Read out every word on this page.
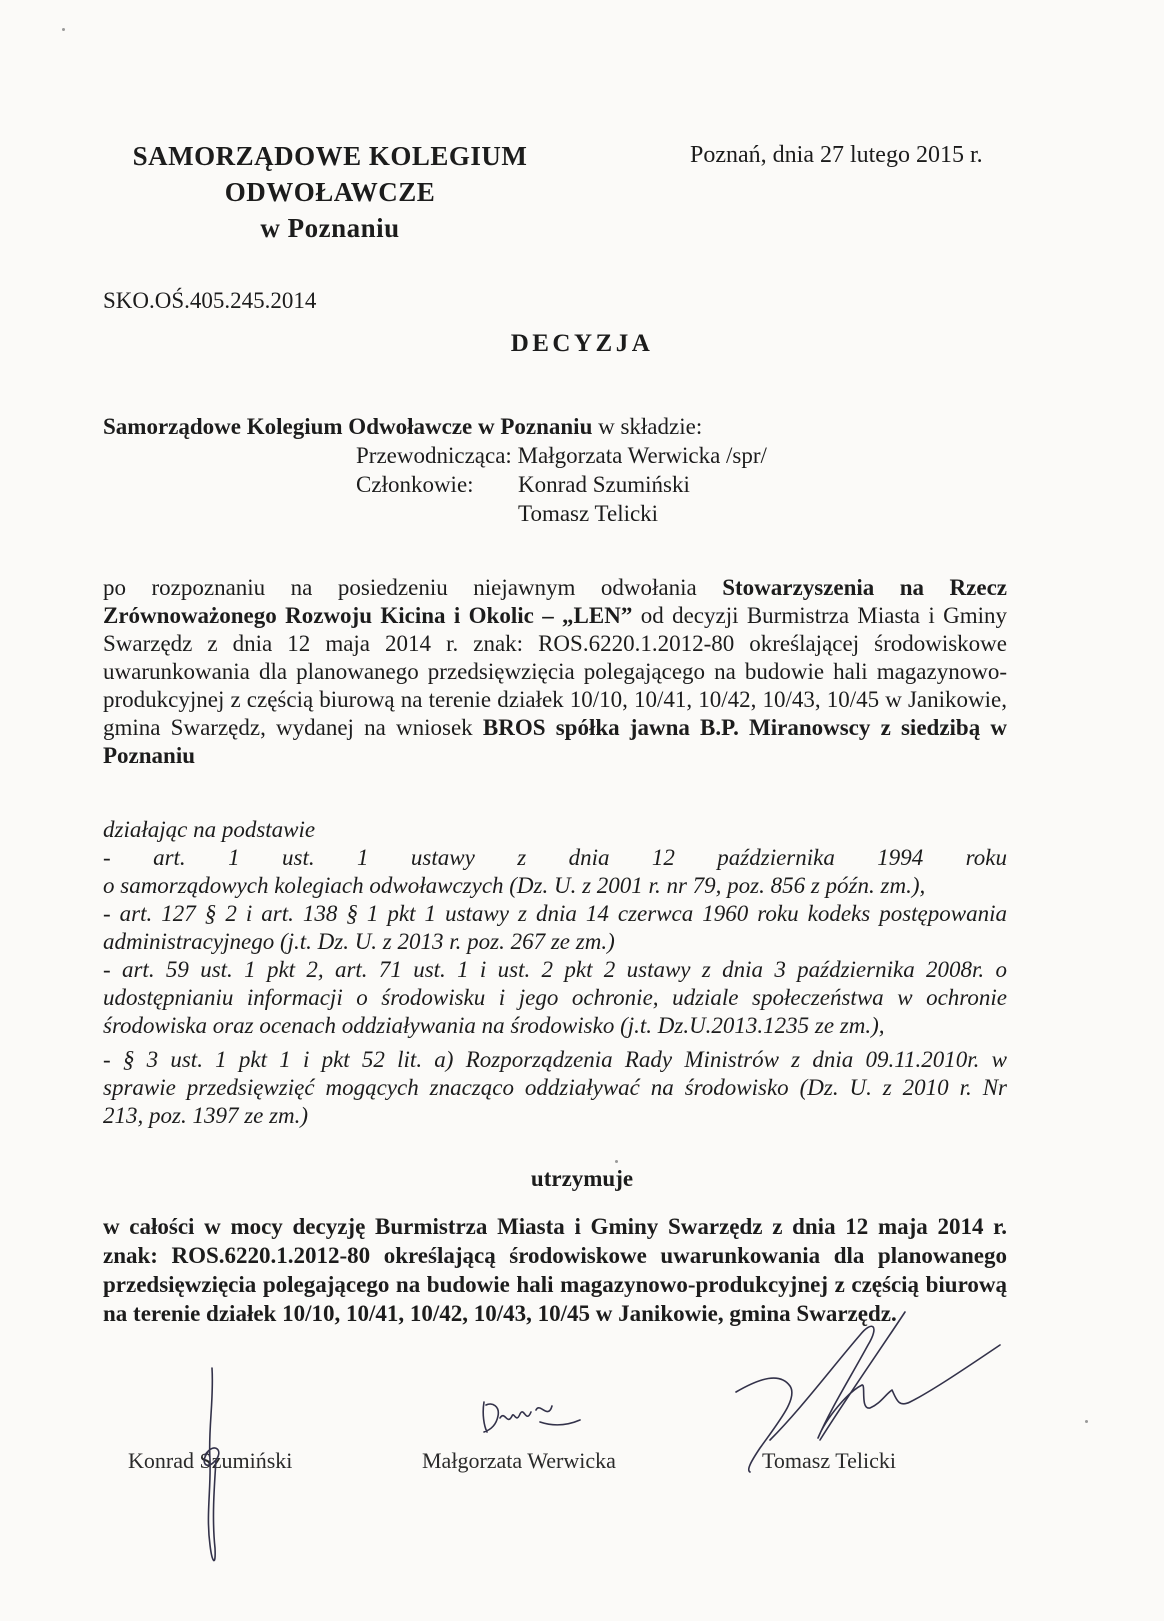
SAMORZĄDOWE KOLEGIUM
ODWOŁAWCZE
w Poznaniu
Poznań, dnia 27 lutego 2015 r.
SKO.OŚ.405.245.2014
DECYZJA
Samorządowe Kolegium Odwoławcze w Poznaniu w składzie:
Przewodnicząca: Małgorzata Werwicka /spr/
Członkowie: Konrad Szumiński
Tomasz Telicki
po rozpoznaniu na posiedzeniu niejawnym odwołania Stowarzyszenia na Rzecz Zrównoważonego Rozwoju Kicina i Okolic – „LEN” od decyzji Burmistrza Miasta i Gminy Swarzędz z dnia 12 maja 2014 r. znak: ROS.6220.1.2012-80 określającej środowiskowe uwarunkowania dla planowanego przedsięwzięcia polegającego na budowie hali magazynowo-produkcyjnej z częścią biurową na terenie działek 10/10, 10/41, 10/42, 10/43, 10/45 w Janikowie, gmina Swarzędz, wydanej na wniosek BROS spółka jawna B.P. Miranowscy z siedzibą w Poznaniu
działając na podstawie
- art. 1 ust. 1 ustawy z dnia 12 października 1994 roku
o samorządowych kolegiach odwoławczych (Dz. U. z 2001 r. nr 79, poz. 856 z późn. zm.),
- art. 127 § 2 i art. 138 § 1 pkt 1 ustawy z dnia 14 czerwca 1960 roku kodeks postępowania
administracyjnego (j.t. Dz. U. z 2013 r. poz. 267 ze zm.)
- art. 59 ust. 1 pkt 2, art. 71 ust. 1 i ust. 2 pkt 2 ustawy z dnia 3 października 2008r. o
udostępnianiu informacji o środowisku i jego ochronie, udziale społeczeństwa w ochronie
środowiska oraz ocenach oddziaływania na środowisko (j.t. Dz.U.2013.1235 ze zm.),
- § 3 ust. 1 pkt 1 i pkt 52 lit. a) Rozporządzenia Rady Ministrów z dnia 09.11.2010r. w
sprawie przedsięwzięć mogących znacząco oddziaływać na środowisko (Dz. U. z 2010 r. Nr
213, poz. 1397 ze zm.)
utrzymuje
w całości w mocy decyzję Burmistrza Miasta i Gminy Swarzędz z dnia 12 maja 2014 r. znak: ROS.6220.1.2012-80 określającą środowiskowe uwarunkowania dla planowanego przedsięwzięcia polegającego na budowie hali magazynowo-produkcyjnej z częścią biurową na terenie działek 10/10, 10/41, 10/42, 10/43, 10/45 w Janikowie, gmina Swarzędz.
Konrad Szumiński	Małgorzata Werwicka	Tomasz Telicki
